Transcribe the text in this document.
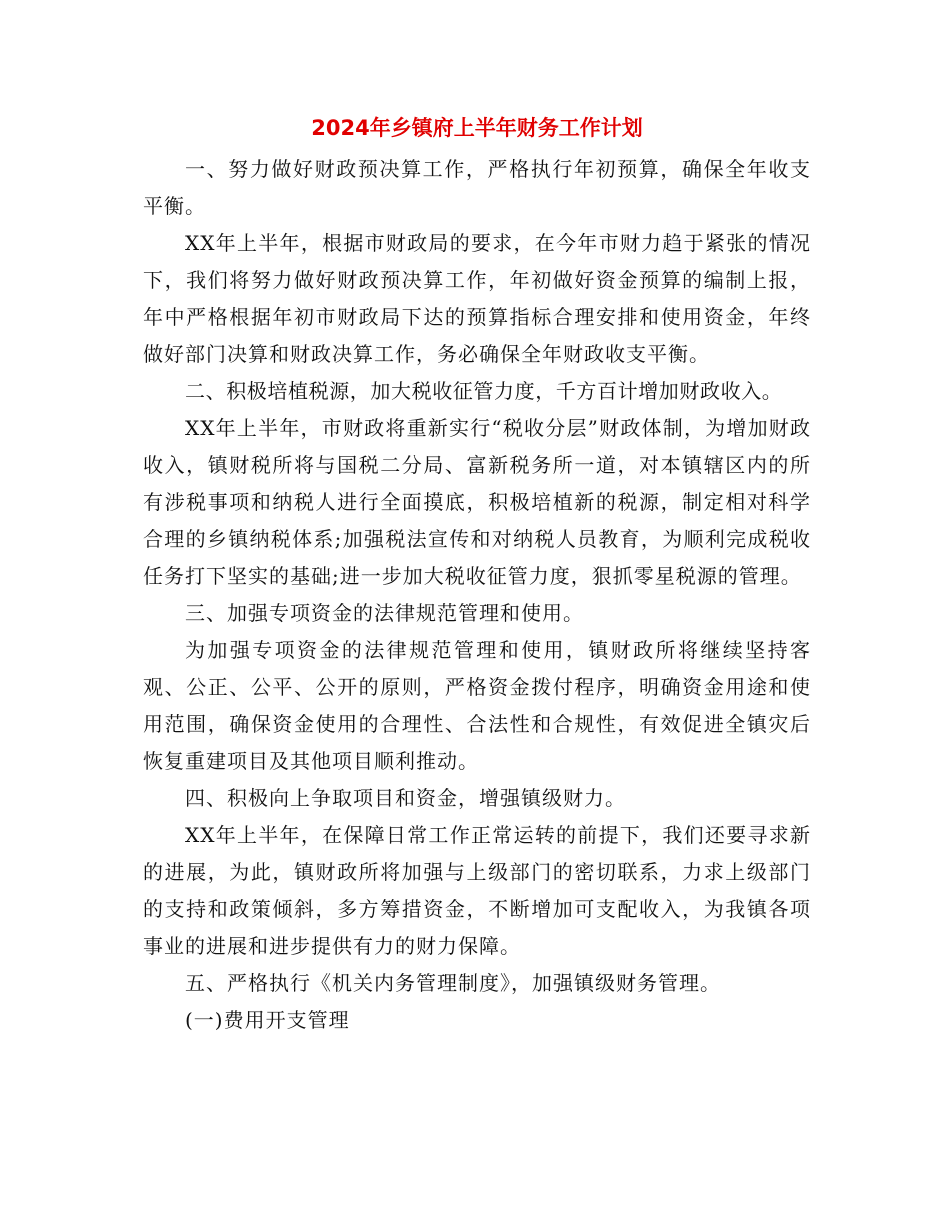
2024年乡镇府上半年财务工作计划

一、努力做好财政预决算工作，严格执行年初预算，确保全年收支平衡。

XX年上半年，根据市财政局的要求，在今年市财力趋于紧张的情况下，我们将努力做好财政预决算工作，年初做好资金预算的编制上报，年中严格根据年初市财政局下达的预算指标合理安排和使用资金，年终做好部门决算和财政决算工作，务必确保全年财政收支平衡。

二、积极培植税源，加大税收征管力度，千方百计增加财政收入。

XX年上半年，市财政将重新实行“税收分层”财政体制，为增加财政收入，镇财税所将与国税二分局、富新税务所一道，对本镇辖区内的所有涉税事项和纳税人进行全面摸底，积极培植新的税源，制定相对科学合理的乡镇纳税体系;加强税法宣传和对纳税人员教育，为顺利完成税收任务打下坚实的基础;进一步加大税收征管力度，狠抓零星税源的管理。

三、加强专项资金的法律规范管理和使用。

为加强专项资金的法律规范管理和使用，镇财政所将继续坚持客观、公正、公平、公开的原则，严格资金拨付程序，明确资金用途和使用范围，确保资金使用的合理性、合法性和合规性，有效促进全镇灾后恢复重建项目及其他项目顺利推动。

四、积极向上争取项目和资金，增强镇级财力。

XX年上半年，在保障日常工作正常运转的前提下，我们还要寻求新的进展，为此，镇财政所将加强与上级部门的密切联系，力求上级部门的支持和政策倾斜，多方筹措资金，不断增加可支配收入，为我镇各项事业的进展和进步提供有力的财力保障。

五、严格执行《机关内务管理制度》，加强镇级财务管理。

(一)费用开支管理
